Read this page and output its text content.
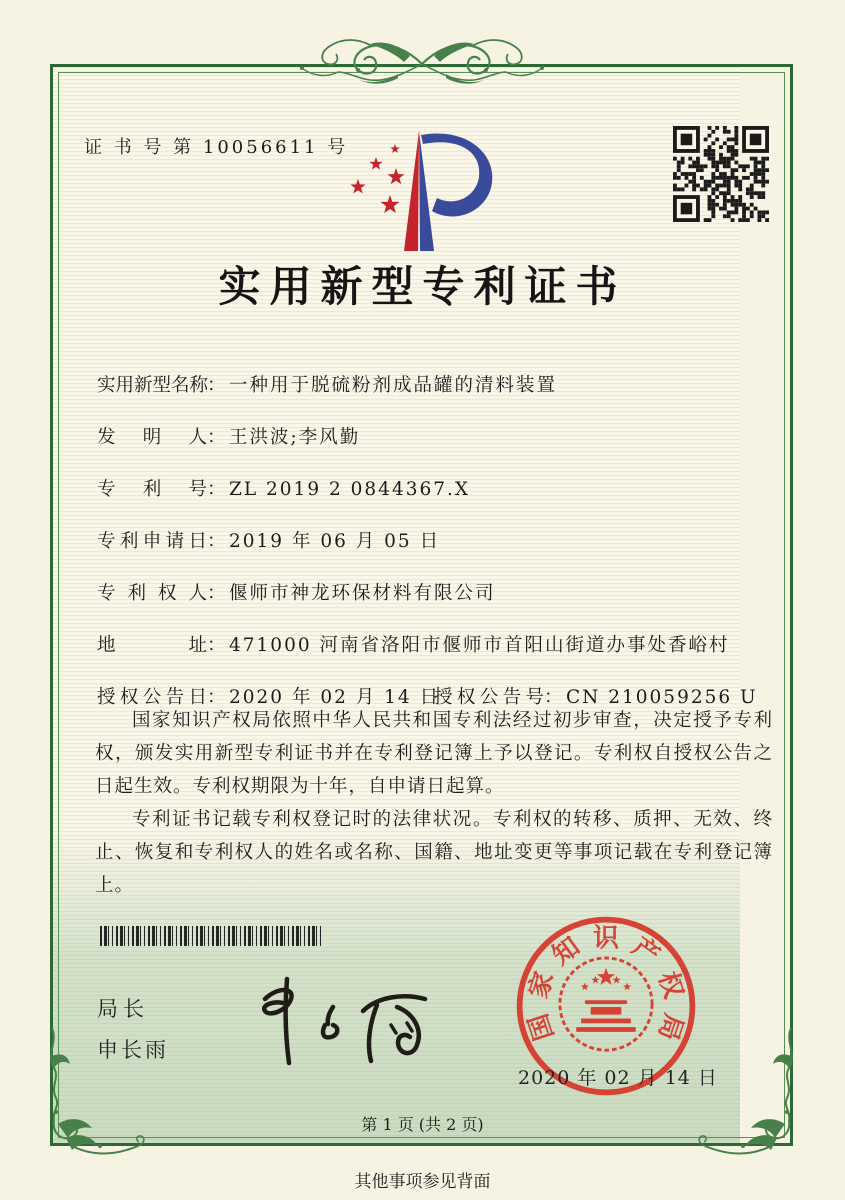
证 书 号 第 10056611 号
实用新型专利证书
实用新型名称： 一种用于脱硫粉剂成品罐的清料装置
发明人： 王洪波;李风勤
专利号： ZL 2019 2 0844367.X
专利申请日： 2019 年 06 月 05 日
专利权人： 偃师市神龙环保材料有限公司
地址： 471000 河南省洛阳市偃师市首阳山街道办事处香峪村
授权公告日： 2020 年 02 月 14 日
授权公告号： CN 210059256 U

国家知识产权局依照中华人民共和国专利法经过初步审查，决定授予专利权，颁发实用新型专利证书并在专利登记簿上予以登记。专利权自授权公告之日起生效。专利权期限为十年，自申请日起算。

专利证书记载专利权登记时的法律状况。专利权的转移、质押、无效、终止、恢复和专利权人的姓名或名称、国籍、地址变更等事项记载在专利登记簿上。

局长
申长雨
国
家
知 识 产
权
局
2020 年 02 月 14 日
第 1 页 (共 2 页)
其他事项参见背面
